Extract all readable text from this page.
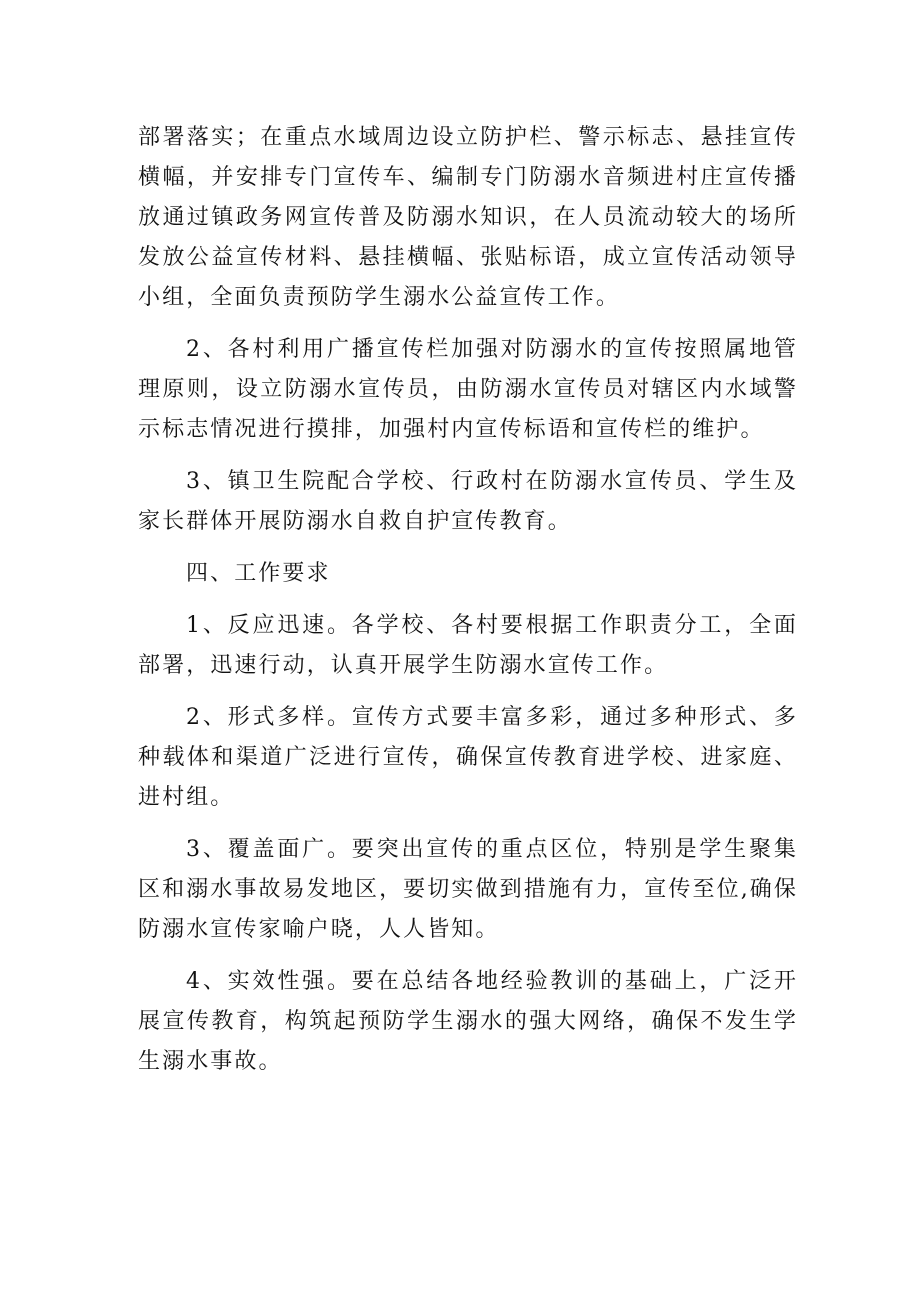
部署落实；在重点水域周边设立防护栏、警示标志、悬挂宣传横幅，并安排专门宣传车、编制专门防溺水音频进村庄宣传播放通过镇政务网宣传普及防溺水知识，在人员流动较大的场所发放公益宣传材料、悬挂横幅、张贴标语，成立宣传活动领导小组，全面负责预防学生溺水公益宣传工作。

2、各村利用广播宣传栏加强对防溺水的宣传按照属地管理原则，设立防溺水宣传员，由防溺水宣传员对辖区内水域警示标志情况进行摸排，加强村内宣传标语和宣传栏的维护。

3、镇卫生院配合学校、行政村在防溺水宣传员、学生及家长群体开展防溺水自救自护宣传教育。

四、工作要求

1、反应迅速。各学校、各村要根据工作职责分工，全面部署，迅速行动，认真开展学生防溺水宣传工作。

2、形式多样。宣传方式要丰富多彩，通过多种形式、多种载体和渠道广泛进行宣传，确保宣传教育进学校、进家庭、进村组。

3、覆盖面广。要突出宣传的重点区位，特别是学生聚集区和溺水事故易发地区，要切实做到措施有力，宣传至位,确保防溺水宣传家喻户晓，人人皆知。

4、实效性强。要在总结各地经验教训的基础上，广泛开展宣传教育，构筑起预防学生溺水的强大网络，确保不发生学生溺水事故。
